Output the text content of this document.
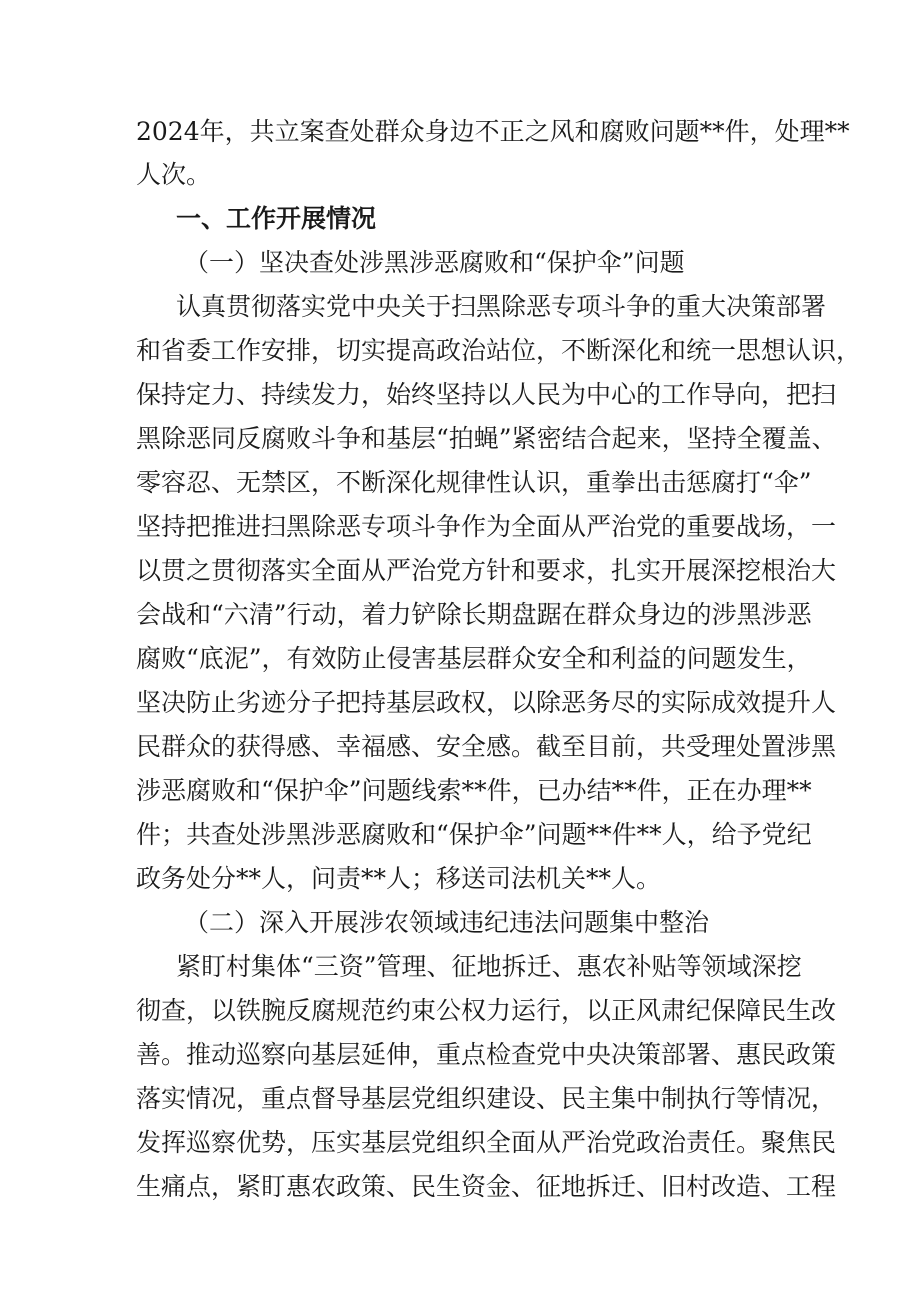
2024年，共立案查处群众身边不正之风和腐败问题**件，处理**
人次。
一、工作开展情况
（一）坚决查处涉黑涉恶腐败和“保护伞”问题
认真贯彻落实党中央关于扫黑除恶专项斗争的重大决策部署
和省委工作安排，切实提高政治站位，不断深化和统一思想认识，
保持定力、持续发力，始终坚持以人民为中心的工作导向，把扫
黑除恶同反腐败斗争和基层“拍蝇”紧密结合起来，坚持全覆盖、
零容忍、无禁区，不断深化规律性认识，重拳出击惩腐打“伞”
坚持把推进扫黑除恶专项斗争作为全面从严治党的重要战场，一
以贯之贯彻落实全面从严治党方针和要求，扎实开展深挖根治大
会战和“六清”行动，着力铲除长期盘踞在群众身边的涉黑涉恶
腐败“底泥”，有效防止侵害基层群众安全和利益的问题发生，
坚决防止劣迹分子把持基层政权，以除恶务尽的实际成效提升人
民群众的获得感、幸福感、安全感。截至目前，共受理处置涉黑
涉恶腐败和“保护伞”问题线索**件，已办结**件，正在办理**
件；共查处涉黑涉恶腐败和“保护伞”问题**件**人，给予党纪
政务处分**人，问责**人；移送司法机关**人。
（二）深入开展涉农领域违纪违法问题集中整治
紧盯村集体“三资”管理、征地拆迁、惠农补贴等领域深挖
彻查，以铁腕反腐规范约束公权力运行，以正风肃纪保障民生改
善。推动巡察向基层延伸，重点检查党中央决策部署、惠民政策
落实情况，重点督导基层党组织建设、民主集中制执行等情况，
发挥巡察优势，压实基层党组织全面从严治党政治责任。聚焦民
生痛点，紧盯惠农政策、民生资金、征地拆迁、旧村改造、工程
